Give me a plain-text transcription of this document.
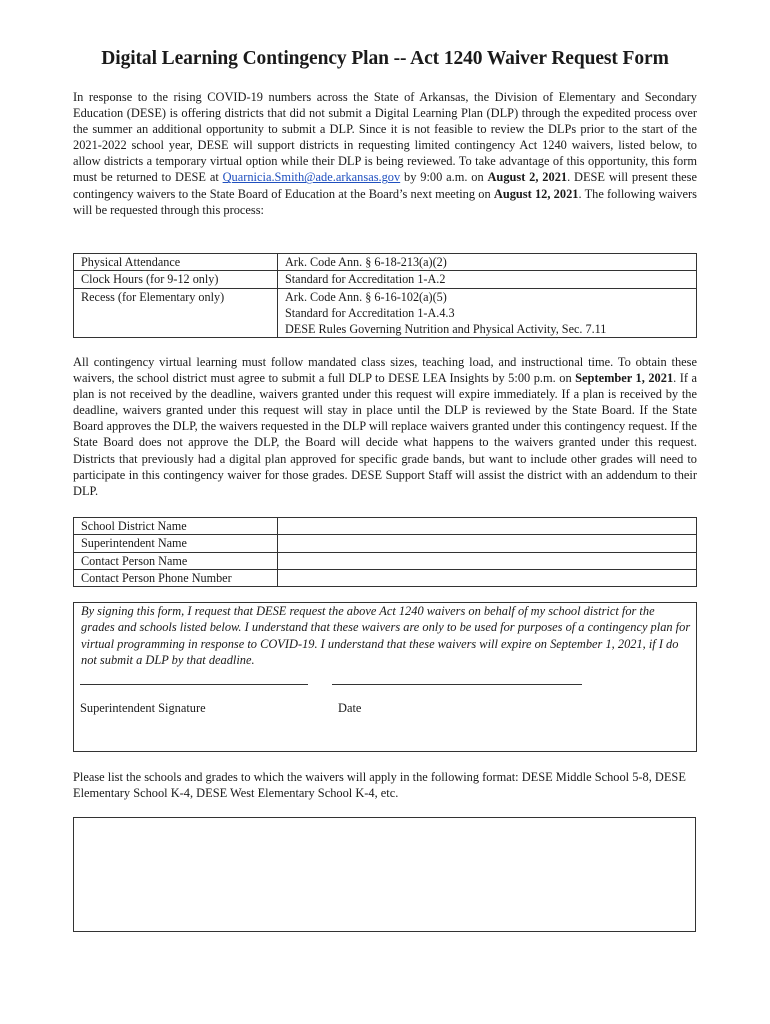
Digital Learning Contingency Plan -- Act 1240 Waiver Request Form

In response to the rising COVID-19 numbers across the State of Arkansas, the Division of Elementary and Secondary Education (DESE) is offering districts that did not submit a Digital Learning Plan (DLP) through the expedited process over the summer an additional opportunity to submit a DLP. Since it is not feasible to review the DLPs prior to the start of the 2021-2022 school year, DESE will support districts in requesting limited contingency Act 1240 waivers, listed below, to allow districts a temporary virtual option while their DLP is being reviewed. To take advantage of this opportunity, this form must be returned to DESE at Quarnicia.Smith@ade.arkansas.gov by 9:00 a.m. on August 2, 2021. DESE will present these contingency waivers to the State Board of Education at the Board’s next meeting on August 12, 2021. The following waivers will be requested through this process:

Physical Attendance	Ark. Code Ann. § 6-18-213(a)(2)
Clock Hours (for 9-12 only)	Standard for Accreditation 1-A.2
Recess (for Elementary only)	Ark. Code Ann. § 6-16-102(a)(5)
Standard for Accreditation 1-A.4.3
DESE Rules Governing Nutrition and Physical Activity, Sec. 7.11

All contingency virtual learning must follow mandated class sizes, teaching load, and instructional time. To obtain these waivers, the school district must agree to submit a full DLP to DESE LEA Insights by 5:00 p.m. on September 1, 2021. If a plan is not received by the deadline, waivers granted under this request will expire immediately. If a plan is received by the deadline, waivers granted under this request will stay in place until the DLP is reviewed by the State Board. If the State Board approves the DLP, the waivers requested in the DLP will replace waivers granted under this contingency request. If the State Board does not approve the DLP, the Board will decide what happens to the waivers granted under this request. Districts that previously had a digital plan approved for specific grade bands, but want to include other grades will need to participate in this contingency waiver for those grades. DESE Support Staff will assist the district with an addendum to their DLP.

School District Name	
Superintendent Name	
Contact Person Name	
Contact Person Phone Number	
By signing this form, I request that DESE request the above Act 1240 waivers on behalf of my school district for the grades and schools listed below. I understand that these waivers are only to be used for purposes of a contingency plan for virtual programming in response to COVID-19. I understand that these waivers will expire on September 1, 2021, if I do not submit a DLP by that deadline.
Superintendent Signature	Date

Please list the schools and grades to which the waivers will apply in the following format: DESE Middle School 5-8, DESE Elementary School K-4, DESE West Elementary School K-4, etc.
